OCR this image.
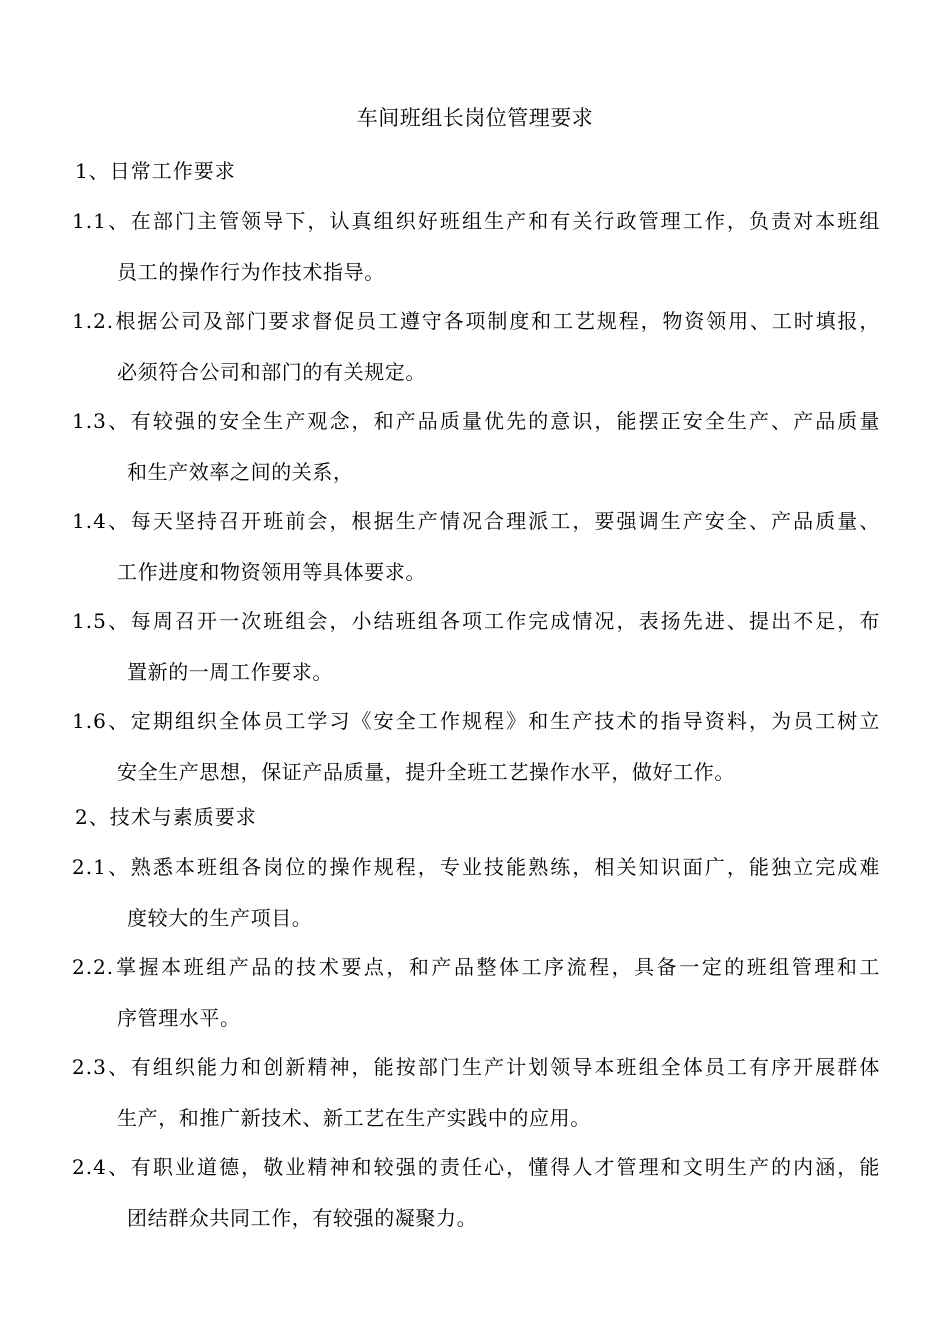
车间班组长岗位管理要求
1、日常工作要求
1.1、在部门主管领导下，认真组织好班组生产和有关行政管理工作，负责对本班组
员工的操作行为作技术指导。
1.2.根据公司及部门要求督促员工遵守各项制度和工艺规程，物资领用、工时填报，
必须符合公司和部门的有关规定。
1.3、有较强的安全生产观念，和产品质量优先的意识，能摆正安全生产、产品质量
和生产效率之间的关系，
1.4、每天坚持召开班前会，根据生产情况合理派工，要强调生产安全、产品质量、
工作进度和物资领用等具体要求。
1.5、每周召开一次班组会，小结班组各项工作完成情况，表扬先进、提出不足，布
置新的一周工作要求。
1.6、定期组织全体员工学习《安全工作规程》和生产技术的指导资料，为员工树立
安全生产思想，保证产品质量，提升全班工艺操作水平，做好工作。
2、技术与素质要求
2.1、熟悉本班组各岗位的操作规程，专业技能熟练，相关知识面广，能独立完成难
度较大的生产项目。
2.2.掌握本班组产品的技术要点，和产品整体工序流程，具备一定的班组管理和工
序管理水平。
2.3、有组织能力和创新精神，能按部门生产计划领导本班组全体员工有序开展群体
生产，和推广新技术、新工艺在生产实践中的应用。
2.4、有职业道德，敬业精神和较强的责任心，懂得人才管理和文明生产的内涵，能
团结群众共同工作，有较强的凝聚力。
